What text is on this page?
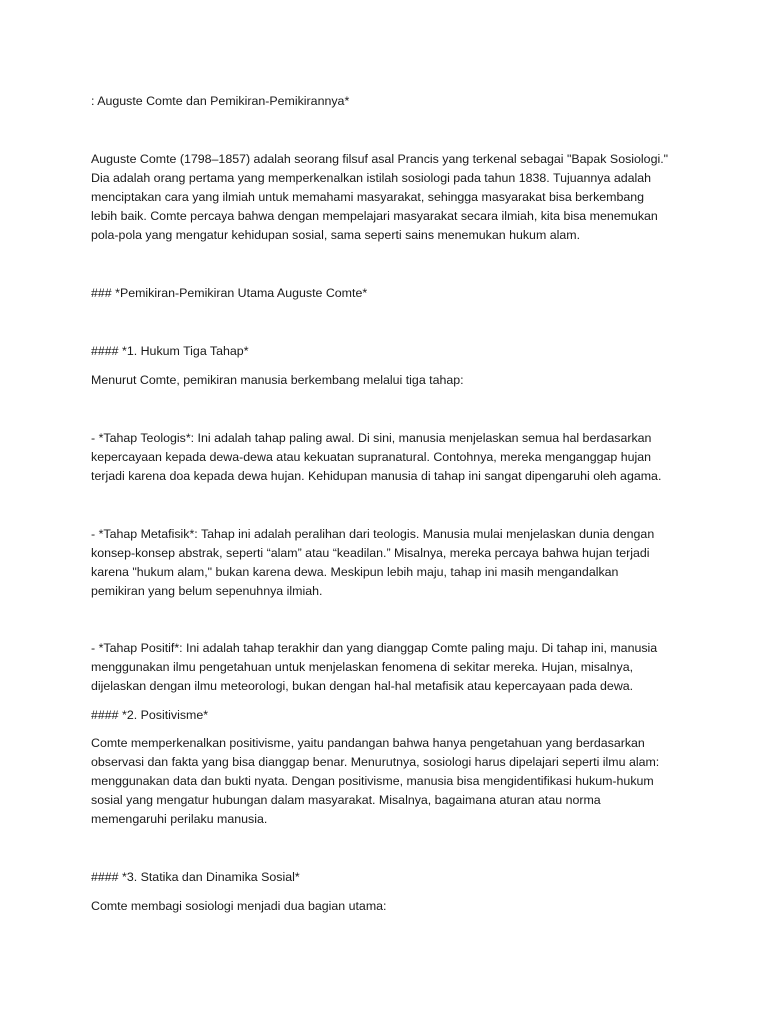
: Auguste Comte dan Pemikiran-Pemikirannya*
Auguste Comte (1798–1857) adalah seorang filsuf asal Prancis yang terkenal sebagai "Bapak Sosiologi."
Dia adalah orang pertama yang memperkenalkan istilah sosiologi pada tahun 1838. Tujuannya adalah
menciptakan cara yang ilmiah untuk memahami masyarakat, sehingga masyarakat bisa berkembang
lebih baik. Comte percaya bahwa dengan mempelajari masyarakat secara ilmiah, kita bisa menemukan
pola-pola yang mengatur kehidupan sosial, sama seperti sains menemukan hukum alam.
### *Pemikiran-Pemikiran Utama Auguste Comte*
#### *1. Hukum Tiga Tahap*
Menurut Comte, pemikiran manusia berkembang melalui tiga tahap:
- *Tahap Teologis*: Ini adalah tahap paling awal. Di sini, manusia menjelaskan semua hal berdasarkan
kepercayaan kepada dewa-dewa atau kekuatan supranatural. Contohnya, mereka menganggap hujan
terjadi karena doa kepada dewa hujan. Kehidupan manusia di tahap ini sangat dipengaruhi oleh agama.
- *Tahap Metafisik*: Tahap ini adalah peralihan dari teologis. Manusia mulai menjelaskan dunia dengan
konsep-konsep abstrak, seperti “alam” atau “keadilan.” Misalnya, mereka percaya bahwa hujan terjadi
karena "hukum alam," bukan karena dewa. Meskipun lebih maju, tahap ini masih mengandalkan
pemikiran yang belum sepenuhnya ilmiah.
- *Tahap Positif*: Ini adalah tahap terakhir dan yang dianggap Comte paling maju. Di tahap ini, manusia
menggunakan ilmu pengetahuan untuk menjelaskan fenomena di sekitar mereka. Hujan, misalnya,
dijelaskan dengan ilmu meteorologi, bukan dengan hal-hal metafisik atau kepercayaan pada dewa.
#### *2. Positivisme*
Comte memperkenalkan positivisme, yaitu pandangan bahwa hanya pengetahuan yang berdasarkan
observasi dan fakta yang bisa dianggap benar. Menurutnya, sosiologi harus dipelajari seperti ilmu alam:
menggunakan data dan bukti nyata. Dengan positivisme, manusia bisa mengidentifikasi hukum-hukum
sosial yang mengatur hubungan dalam masyarakat. Misalnya, bagaimana aturan atau norma
memengaruhi perilaku manusia.
#### *3. Statika dan Dinamika Sosial*
Comte membagi sosiologi menjadi dua bagian utama:
